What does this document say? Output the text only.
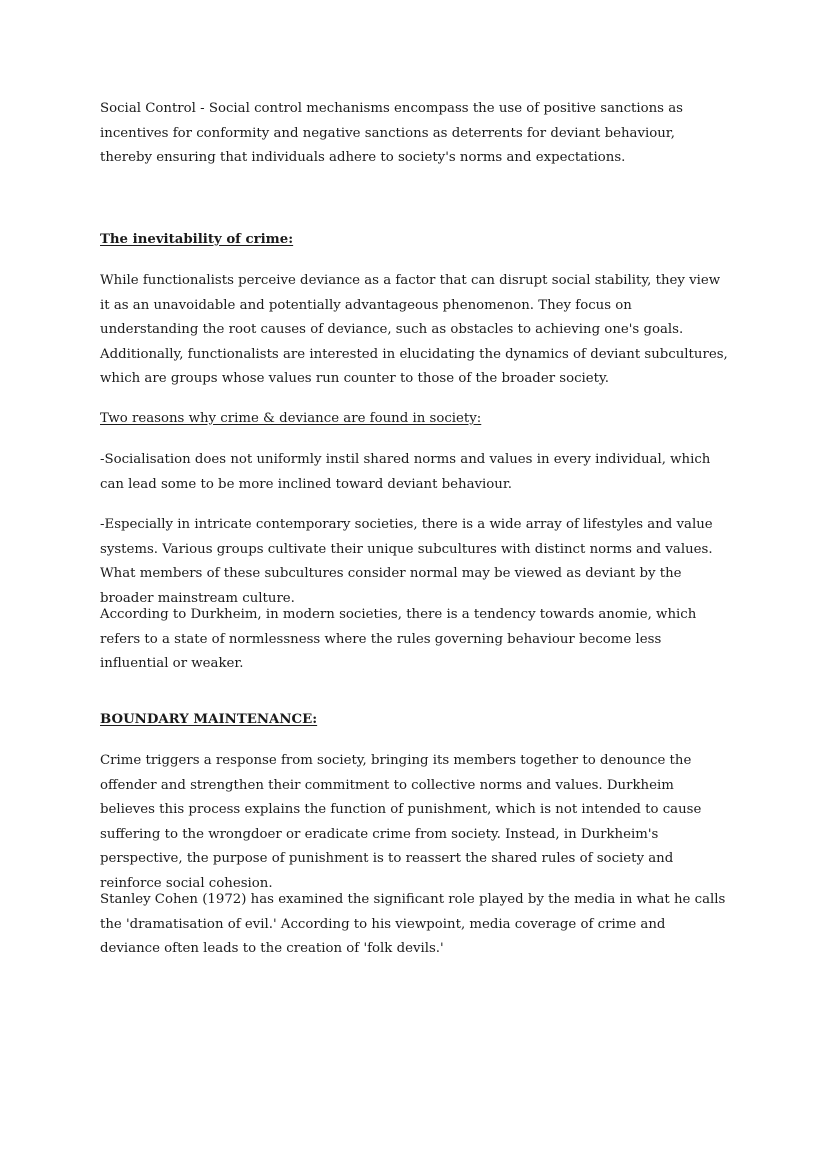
Social Control - Social control mechanisms encompass the use of positive sanctions as incentives for conformity and negative sanctions as deterrents for deviant behaviour, thereby ensuring that individuals adhere to society's norms and expectations.

The inevitability of crime:

While functionalists perceive deviance as a factor that can disrupt social stability, they view it as an unavoidable and potentially advantageous phenomenon. They focus on understanding the root causes of deviance, such as obstacles to achieving one's goals. Additionally, functionalists are interested in elucidating the dynamics of deviant subcultures, which are groups whose values run counter to those of the broader society.

Two reasons why crime & deviance are found in society:

-Socialisation does not uniformly instil shared norms and values in every individual, which can lead some to be more inclined toward deviant behaviour.

-Especially in intricate contemporary societies, there is a wide array of lifestyles and value systems. Various groups cultivate their unique subcultures with distinct norms and values. What members of these subcultures consider normal may be viewed as deviant by the broader mainstream culture.

According to Durkheim, in modern societies, there is a tendency towards anomie, which refers to a state of normlessness where the rules governing behaviour become less influential or weaker.

BOUNDARY MAINTENANCE:

Crime triggers a response from society, bringing its members together to denounce the offender and strengthen their commitment to collective norms and values. Durkheim believes this process explains the function of punishment, which is not intended to cause suffering to the wrongdoer or eradicate crime from society. Instead, in Durkheim's perspective, the purpose of punishment is to reassert the shared rules of society and reinforce social cohesion.

Stanley Cohen (1972) has examined the significant role played by the media in what he calls the 'dramatisation of evil.' According to his viewpoint, media coverage of crime and deviance often leads to the creation of 'folk devils.'
